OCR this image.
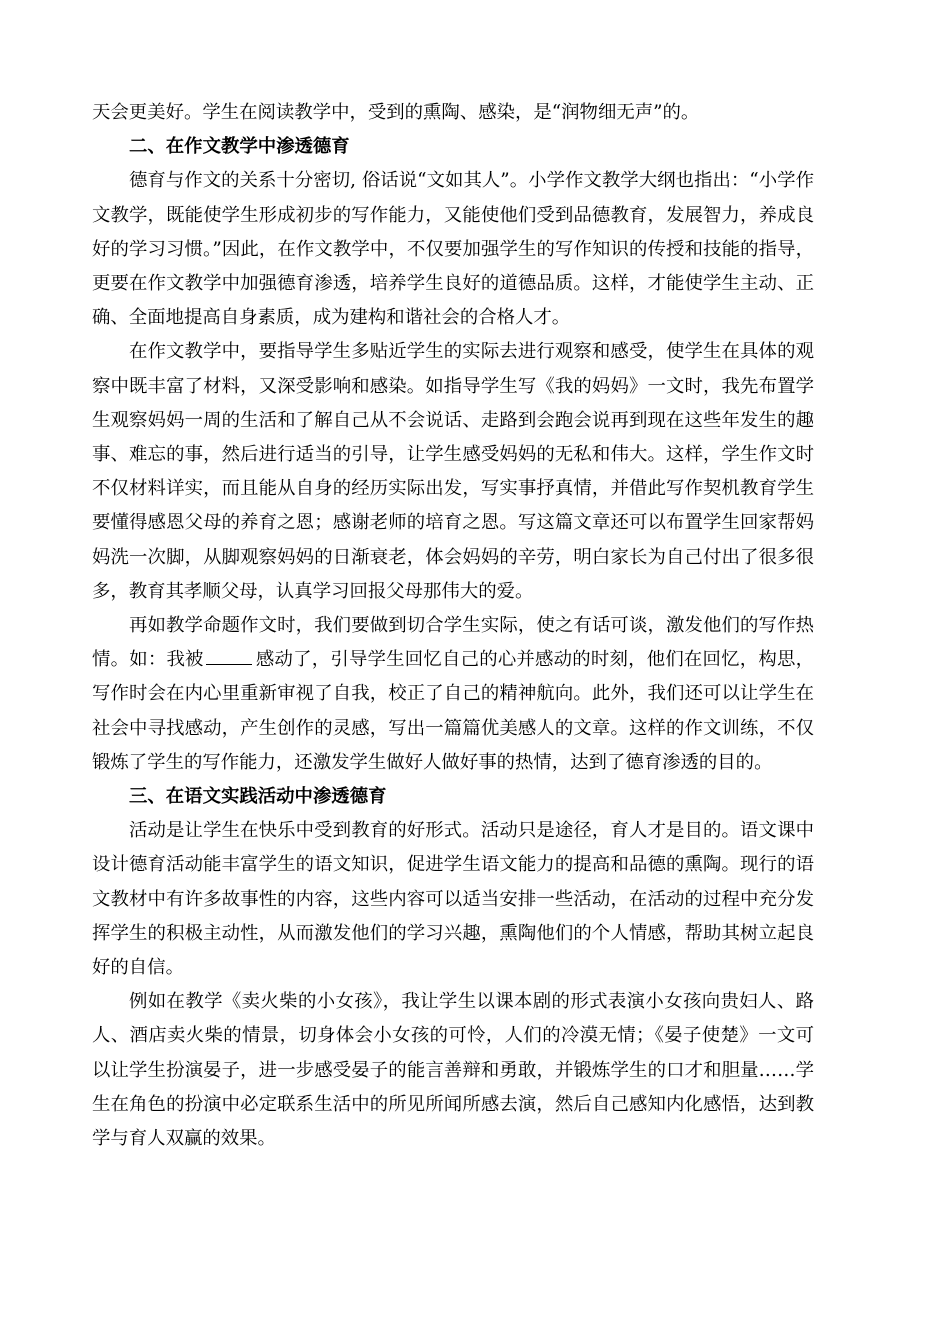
天会更美好。学生在阅读教学中，受到的熏陶、感染，是“润物细无声”的。

二、在作文教学中渗透德育

德育与作文的关系十分密切, 俗话说“文如其人”。小学作文教学大纲也指出：“小学作文教学，既能使学生形成初步的写作能力，又能使他们受到品德教育，发展智力，养成良好的学习习惯。”因此，在作文教学中，不仅要加强学生的写作知识的传授和技能的指导，更要在作文教学中加强德育渗透，培养学生良好的道德品质。这样，才能使学生主动、正确、全面地提高自身素质，成为建构和谐社会的合格人才。

在作文教学中，要指导学生多贴近学生的实际去进行观察和感受，使学生在具体的观察中既丰富了材料，又深受影响和感染。如指导学生写《我的妈妈》一文时，我先布置学生观察妈妈一周的生活和了解自己从不会说话、走路到会跑会说再到现在这些年发生的趣事、难忘的事，然后进行适当的引导，让学生感受妈妈的无私和伟大。这样，学生作文时不仅材料详实，而且能从自身的经历实际出发，写实事抒真情，并借此写作契机教育学生要懂得感恩父母的养育之恩；感谢老师的培育之恩。写这篇文章还可以布置学生回家帮妈妈洗一次脚，从脚观察妈妈的日渐衰老，体会妈妈的辛劳，明白家长为自己付出了很多很多，教育其孝顺父母，认真学习回报父母那伟大的爱。

再如教学命题作文时，我们要做到切合学生实际，使之有话可谈，激发他们的写作热情。如：我被	感动了，引导学生回忆自己的心并感动的时刻，他们在回忆，构思，写作时会在内心里重新审视了自我，校正了自己的精神航向。此外，我们还可以让学生在社会中寻找感动，产生创作的灵感，写出一篇篇优美感人的文章。这样的作文训练，不仅锻炼了学生的写作能力，还激发学生做好人做好事的热情，达到了德育渗透的目的。

三、在语文实践活动中渗透德育

活动是让学生在快乐中受到教育的好形式。活动只是途径，育人才是目的。语文课中设计德育活动能丰富学生的语文知识，促进学生语文能力的提高和品德的熏陶。现行的语文教材中有许多故事性的内容，这些内容可以适当安排一些活动，在活动的过程中充分发挥学生的积极主动性，从而激发他们的学习兴趣，熏陶他们的个人情感，帮助其树立起良好的自信。

例如在教学《卖火柴的小女孩》，我让学生以课本剧的形式表演小女孩向贵妇人、路人、酒店卖火柴的情景，切身体会小女孩的可怜，人们的冷漠无情；《晏子使楚》一文可以让学生扮演晏子，进一步感受晏子的能言善辩和勇敢，并锻炼学生的口才和胆量……学生在角色的扮演中必定联系生活中的所见所闻所感去演，然后自己感知内化感悟，达到教学与育人双赢的效果。
